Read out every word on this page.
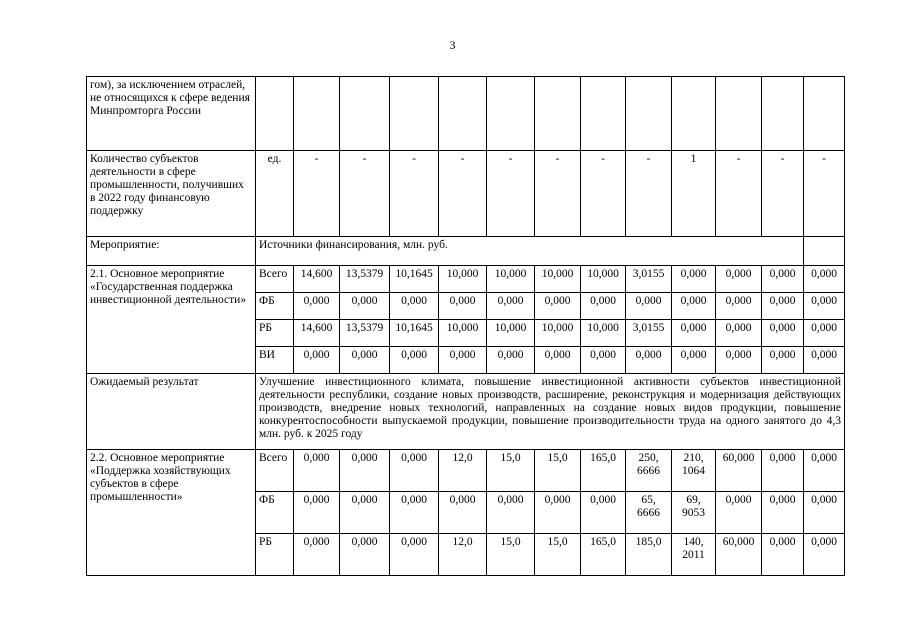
3
гом), за исключением отраслей, не относящихся к сфере ведения Минпромторга России													
Количество субъектов деятельности в сфере промышленности, получивших в 2022 году финансовую поддержку	ед.	-	-	-	-	-	-	-	-	1	-	-	-
Мероприятие:	Источники финансирования, млн. руб.												
2.1. Основное мероприятие «Государственная поддержка инвестиционной деятельности»	Всего	14,600	13,5379	10,1645	10,000	10,000	10,000	10,000	3,0155	0,000	0,000	0,000	0,000
	ФБ	0,000	0,000	0,000	0,000	0,000	0,000	0,000	0,000	0,000	0,000	0,000	0,000
	РБ	14,600	13,5379	10,1645	10,000	10,000	10,000	10,000	3,0155	0,000	0,000	0,000	0,000
	ВИ	0,000	0,000	0,000	0,000	0,000	0,000	0,000	0,000	0,000	0,000	0,000	0,000
Ожидаемый результат	Улучшение инвестиционного климата, повышение инвестиционной активности субъектов инвестиционной деятельности республики, создание новых производств, расширение, реконструкция и модернизация действующих производств, внедрение новых технологий, направленных на создание новых видов продукции, повышение конкурентоспособности выпускаемой продукции, повышение производительности труда на одного занятого до 4,3 млн. руб. к 2025 году												
2.2. Основное мероприятие «Поддержка хозяйствующих субъектов в сфере промышленности»	Всего	0,000	0,000	0,000	12,0	15,0	15,0	165,0	250, 6666	210, 1064	60,000	0,000	0,000
	ФБ	0,000	0,000	0,000	0,000	0,000	0,000	0,000	65, 6666	69, 9053	0,000	0,000	0,000
	РБ	0,000	0,000	0,000	12,0	15,0	15,0	165,0	185,0	140, 2011	60,000	0,000	0,000
